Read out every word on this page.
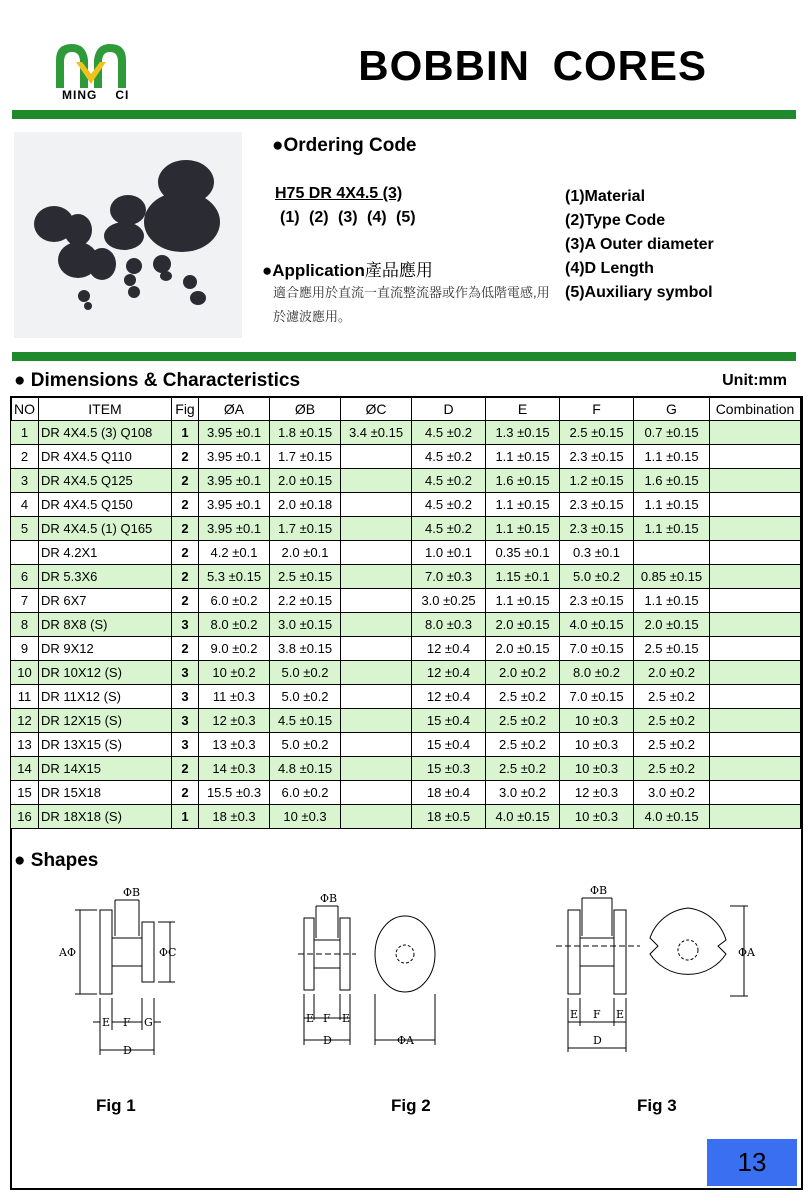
MING CI
BOBBIN CORES
●Ordering Code
H75 DR 4X4.5 (3)
(1) (2) (3) (4) (5)
(1)Material
(2)Type Code
(3)A Outer diameter
(4)D Length
(5)Auxiliary symbol
●Application產品應用
適合應用於直流一直流整流器或作為低階電感,用於濾波應用。
● Dimensions & Characteristics	Unit:mm
NO	ITEM	Fig	ØA	ØB	ØC	D	E	F	G	Combination
1	DR 4X4.5 (3) Q108	1	3.95 ±0.1	1.8 ±0.15	3.4 ±0.15	4.5 ±0.2	1.3 ±0.15	2.5 ±0.15	0.7 ±0.15	
2	DR 4X4.5 Q110	2	3.95 ±0.1	1.7 ±0.15		4.5 ±0.2	1.1 ±0.15	2.3 ±0.15	1.1 ±0.15	
3	DR 4X4.5 Q125	2	3.95 ±0.1	2.0 ±0.15		4.5 ±0.2	1.6 ±0.15	1.2 ±0.15	1.6 ±0.15	
4	DR 4X4.5 Q150	2	3.95 ±0.1	2.0 ±0.18		4.5 ±0.2	1.1 ±0.15	2.3 ±0.15	1.1 ±0.15	
5	DR 4X4.5 (1) Q165	2	3.95 ±0.1	1.7 ±0.15		4.5 ±0.2	1.1 ±0.15	2.3 ±0.15	1.1 ±0.15	
	DR 4.2X1	2	4.2 ±0.1	2.0 ±0.1		1.0 ±0.1	0.35 ±0.1	0.3 ±0.1		
6	DR 5.3X6	2	5.3 ±0.15	2.5 ±0.15		7.0 ±0.3	1.15 ±0.1	5.0 ±0.2	0.85 ±0.15	
7	DR 6X7	2	6.0 ±0.2	2.2 ±0.15		3.0 ±0.25	1.1 ±0.15	2.3 ±0.15	1.1 ±0.15	
8	DR 8X8 (S)	3	8.0 ±0.2	3.0 ±0.15		8.0 ±0.3	2.0 ±0.15	4.0 ±0.15	2.0 ±0.15	
9	DR 9X12	2	9.0 ±0.2	3.8 ±0.15		12 ±0.4	2.0 ±0.15	7.0 ±0.15	2.5 ±0.15	
10	DR 10X12 (S)	3	10 ±0.2	5.0 ±0.2		12 ±0.4	2.0 ±0.2	8.0 ±0.2	2.0 ±0.2	
11	DR 11X12 (S)	3	11 ±0.3	5.0 ±0.2		12 ±0.4	2.5 ±0.2	7.0 ±0.15	2.5 ±0.2	
12	DR 12X15 (S)	3	12 ±0.3	4.5 ±0.15		15 ±0.4	2.5 ±0.2	10 ±0.3	2.5 ±0.2	
13	DR 13X15 (S)	3	13 ±0.3	5.0 ±0.2		15 ±0.4	2.5 ±0.2	10 ±0.3	2.5 ±0.2	
14	DR 14X15	2	14 ±0.3	4.8 ±0.15		15 ±0.3	2.5 ±0.2	10 ±0.3	2.5 ±0.2	
15	DR 15X18	2	15.5 ±0.3	6.0 ±0.2		18 ±0.4	3.0 ±0.2	12 ±0.3	3.0 ±0.2	
16	DR 18X18 (S)	1	18 ±0.3	10 ±0.3		18 ±0.5	4.0 ±0.15	10 ±0.3	4.0 ±0.15	
● Shapes
ΦB
AΦ	ΦC
E F G
D
ΦB
E F E
D	ΦA
ΦB
ΦA
E F E
D
Fig 1	Fig 2	Fig 3
13
